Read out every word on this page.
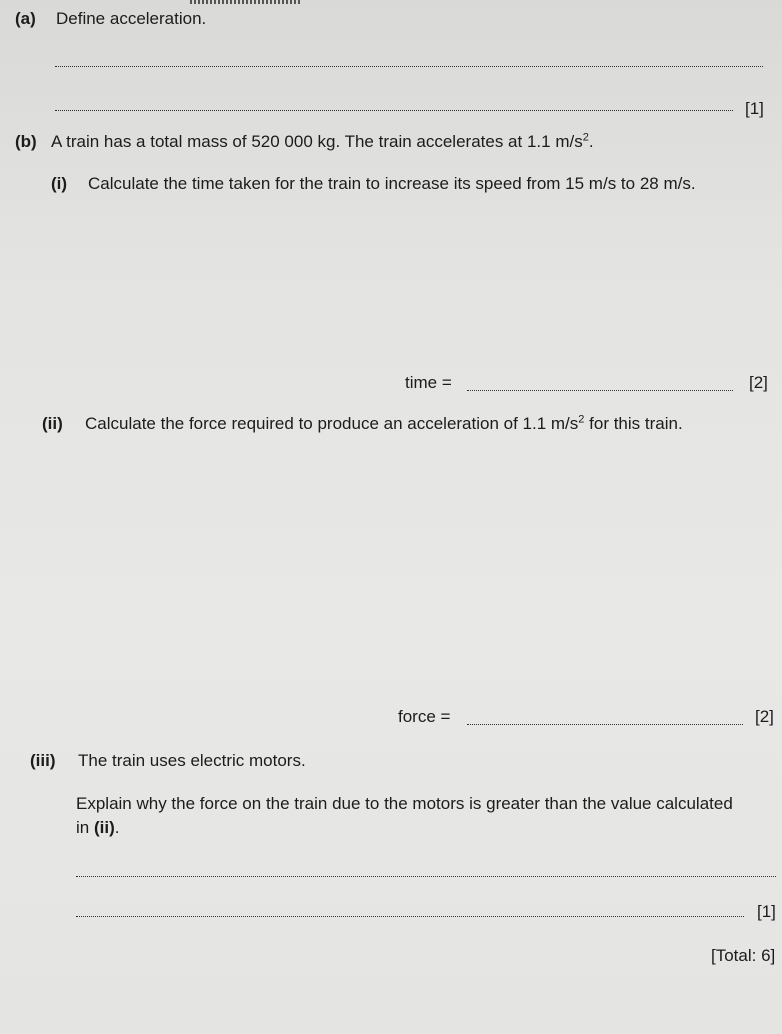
(a) Define acceleration.
[1]
(b) A train has a total mass of 520 000 kg. The train accelerates at 1.1 $m/s^2$.
(i) Calculate the time taken for the train to increase its speed from 15 m/s to 28 m/s.
time =	[2]
(ii) Calculate the force required to produce an acceleration of 1.1 $m/s^2$ for this train.
force =	[2]
(iii) The train uses electric motors.
Explain why the force on the train due to the motors is greater than the value calculated
in (ii).
[1]
[Total: 6]
